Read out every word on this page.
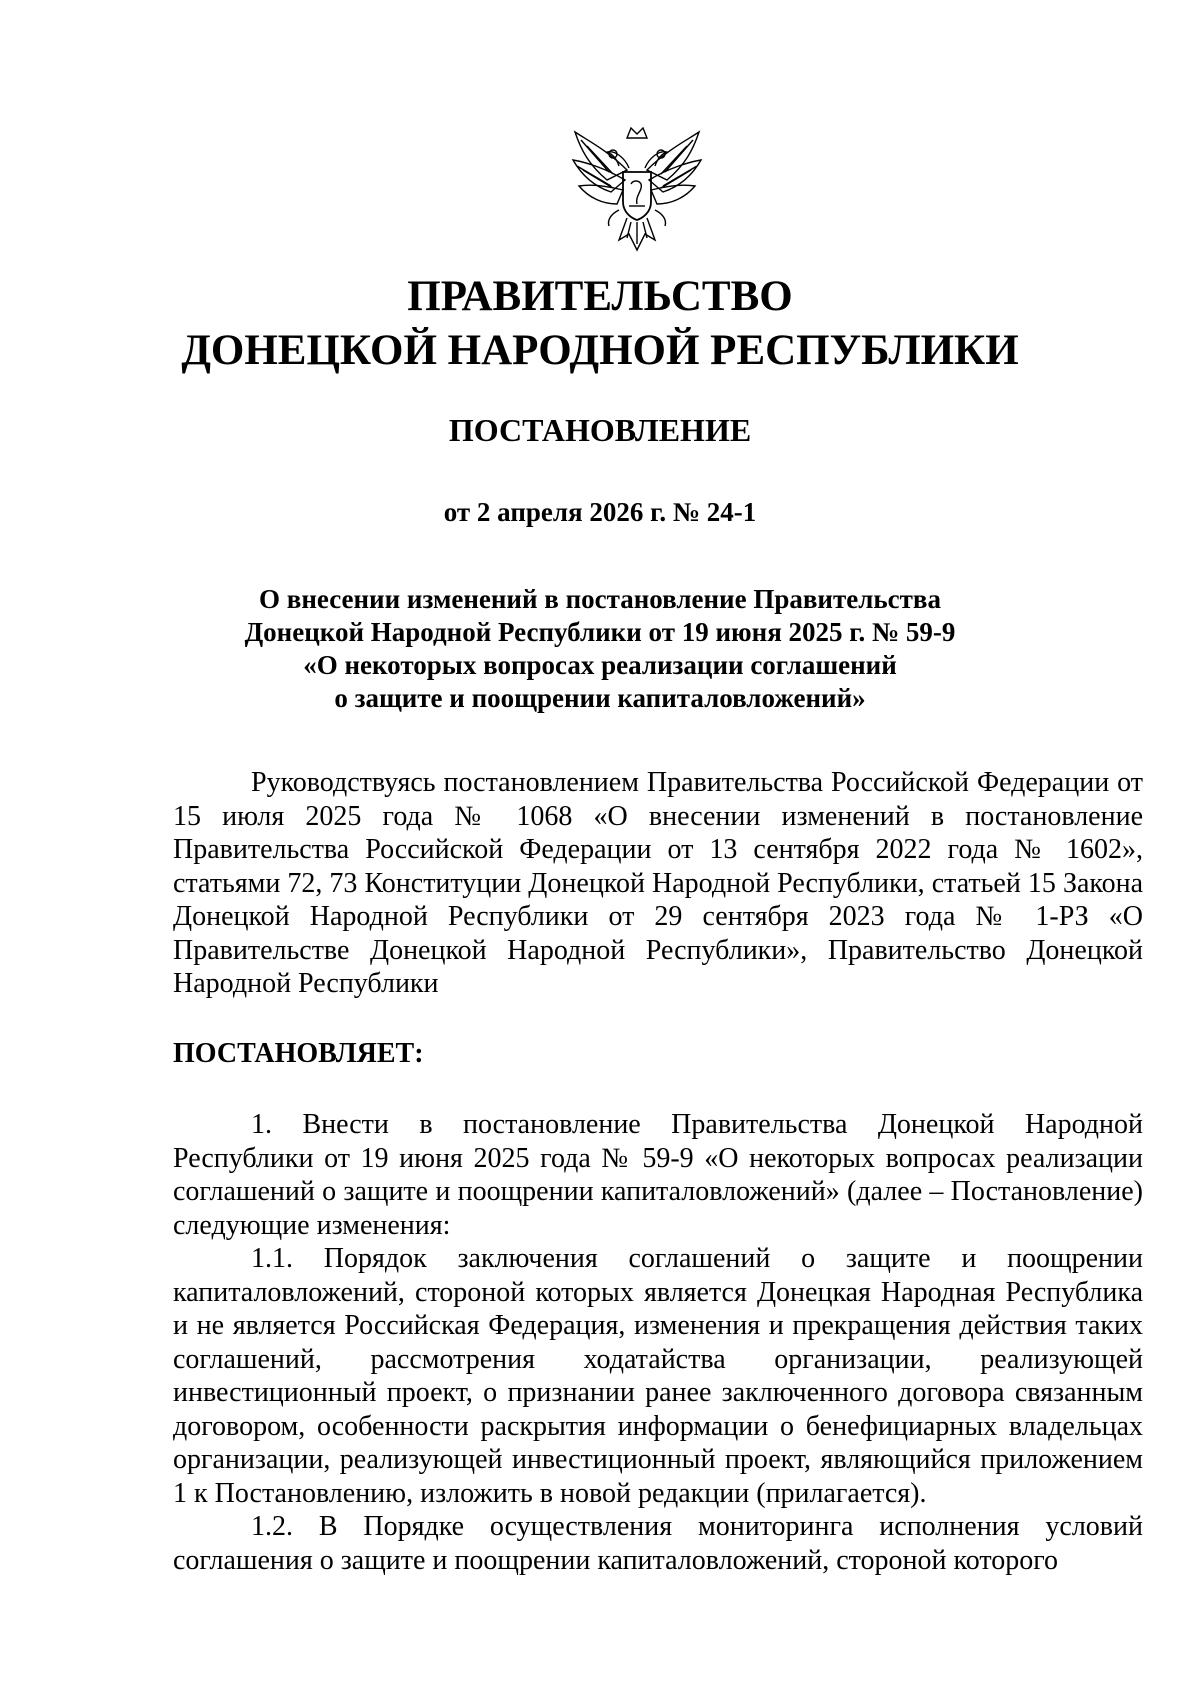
ПРАВИТЕЛЬСТВО
ДОНЕЦКОЙ НАРОДНОЙ РЕСПУБЛИКИ
ПОСТАНОВЛЕНИЕ
от 2 апреля 2026 г. № 24-1
О внесении изменений в постановление Правительства
Донецкой Народной Республики от 19 июня 2025 г. № 59-9
«О некоторых вопросах реализации соглашений
о защите и поощрении капиталовложений»

Руководствуясь постановлением Правительства Российской Федерации от 15 июля 2025 года № 1068 «О внесении изменений в постановление Правительства Российской Федерации от 13 сентября 2022 года № 1602», статьями 72, 73 Конституции Донецкой Народной Республики, статьей 15 Закона Донецкой Народной Республики от 29 сентября 2023 года № 1-РЗ «О Правительстве Донецкой Народной Республики», Правительство Донецкой Народной Республики

ПОСТАНОВЛЯЕТ:

1. Внести в постановление Правительства Донецкой Народной Республики от 19 июня 2025 года № 59-9 «О некоторых вопросах реализации соглашений о защите и поощрении капиталовложений» (далее – Постановление) следующие изменения:

1.1. Порядок заключения соглашений о защите и поощрении капиталовложений, стороной которых является Донецкая Народная Республика и не является Российская Федерация, изменения и прекращения действия таких соглашений, рассмотрения ходатайства организации, реализующей инвестиционный проект, о признании ранее заключенного договора связанным договором, особенности раскрытия информации о бенефициарных владельцах организации, реализующей инвестиционный проект, являющийся приложением 1 к Постановлению, изложить в новой редакции (прилагается).

1.2. В Порядке осуществления мониторинга исполнения условий соглашения о защите и поощрении капиталовложений, стороной которого
